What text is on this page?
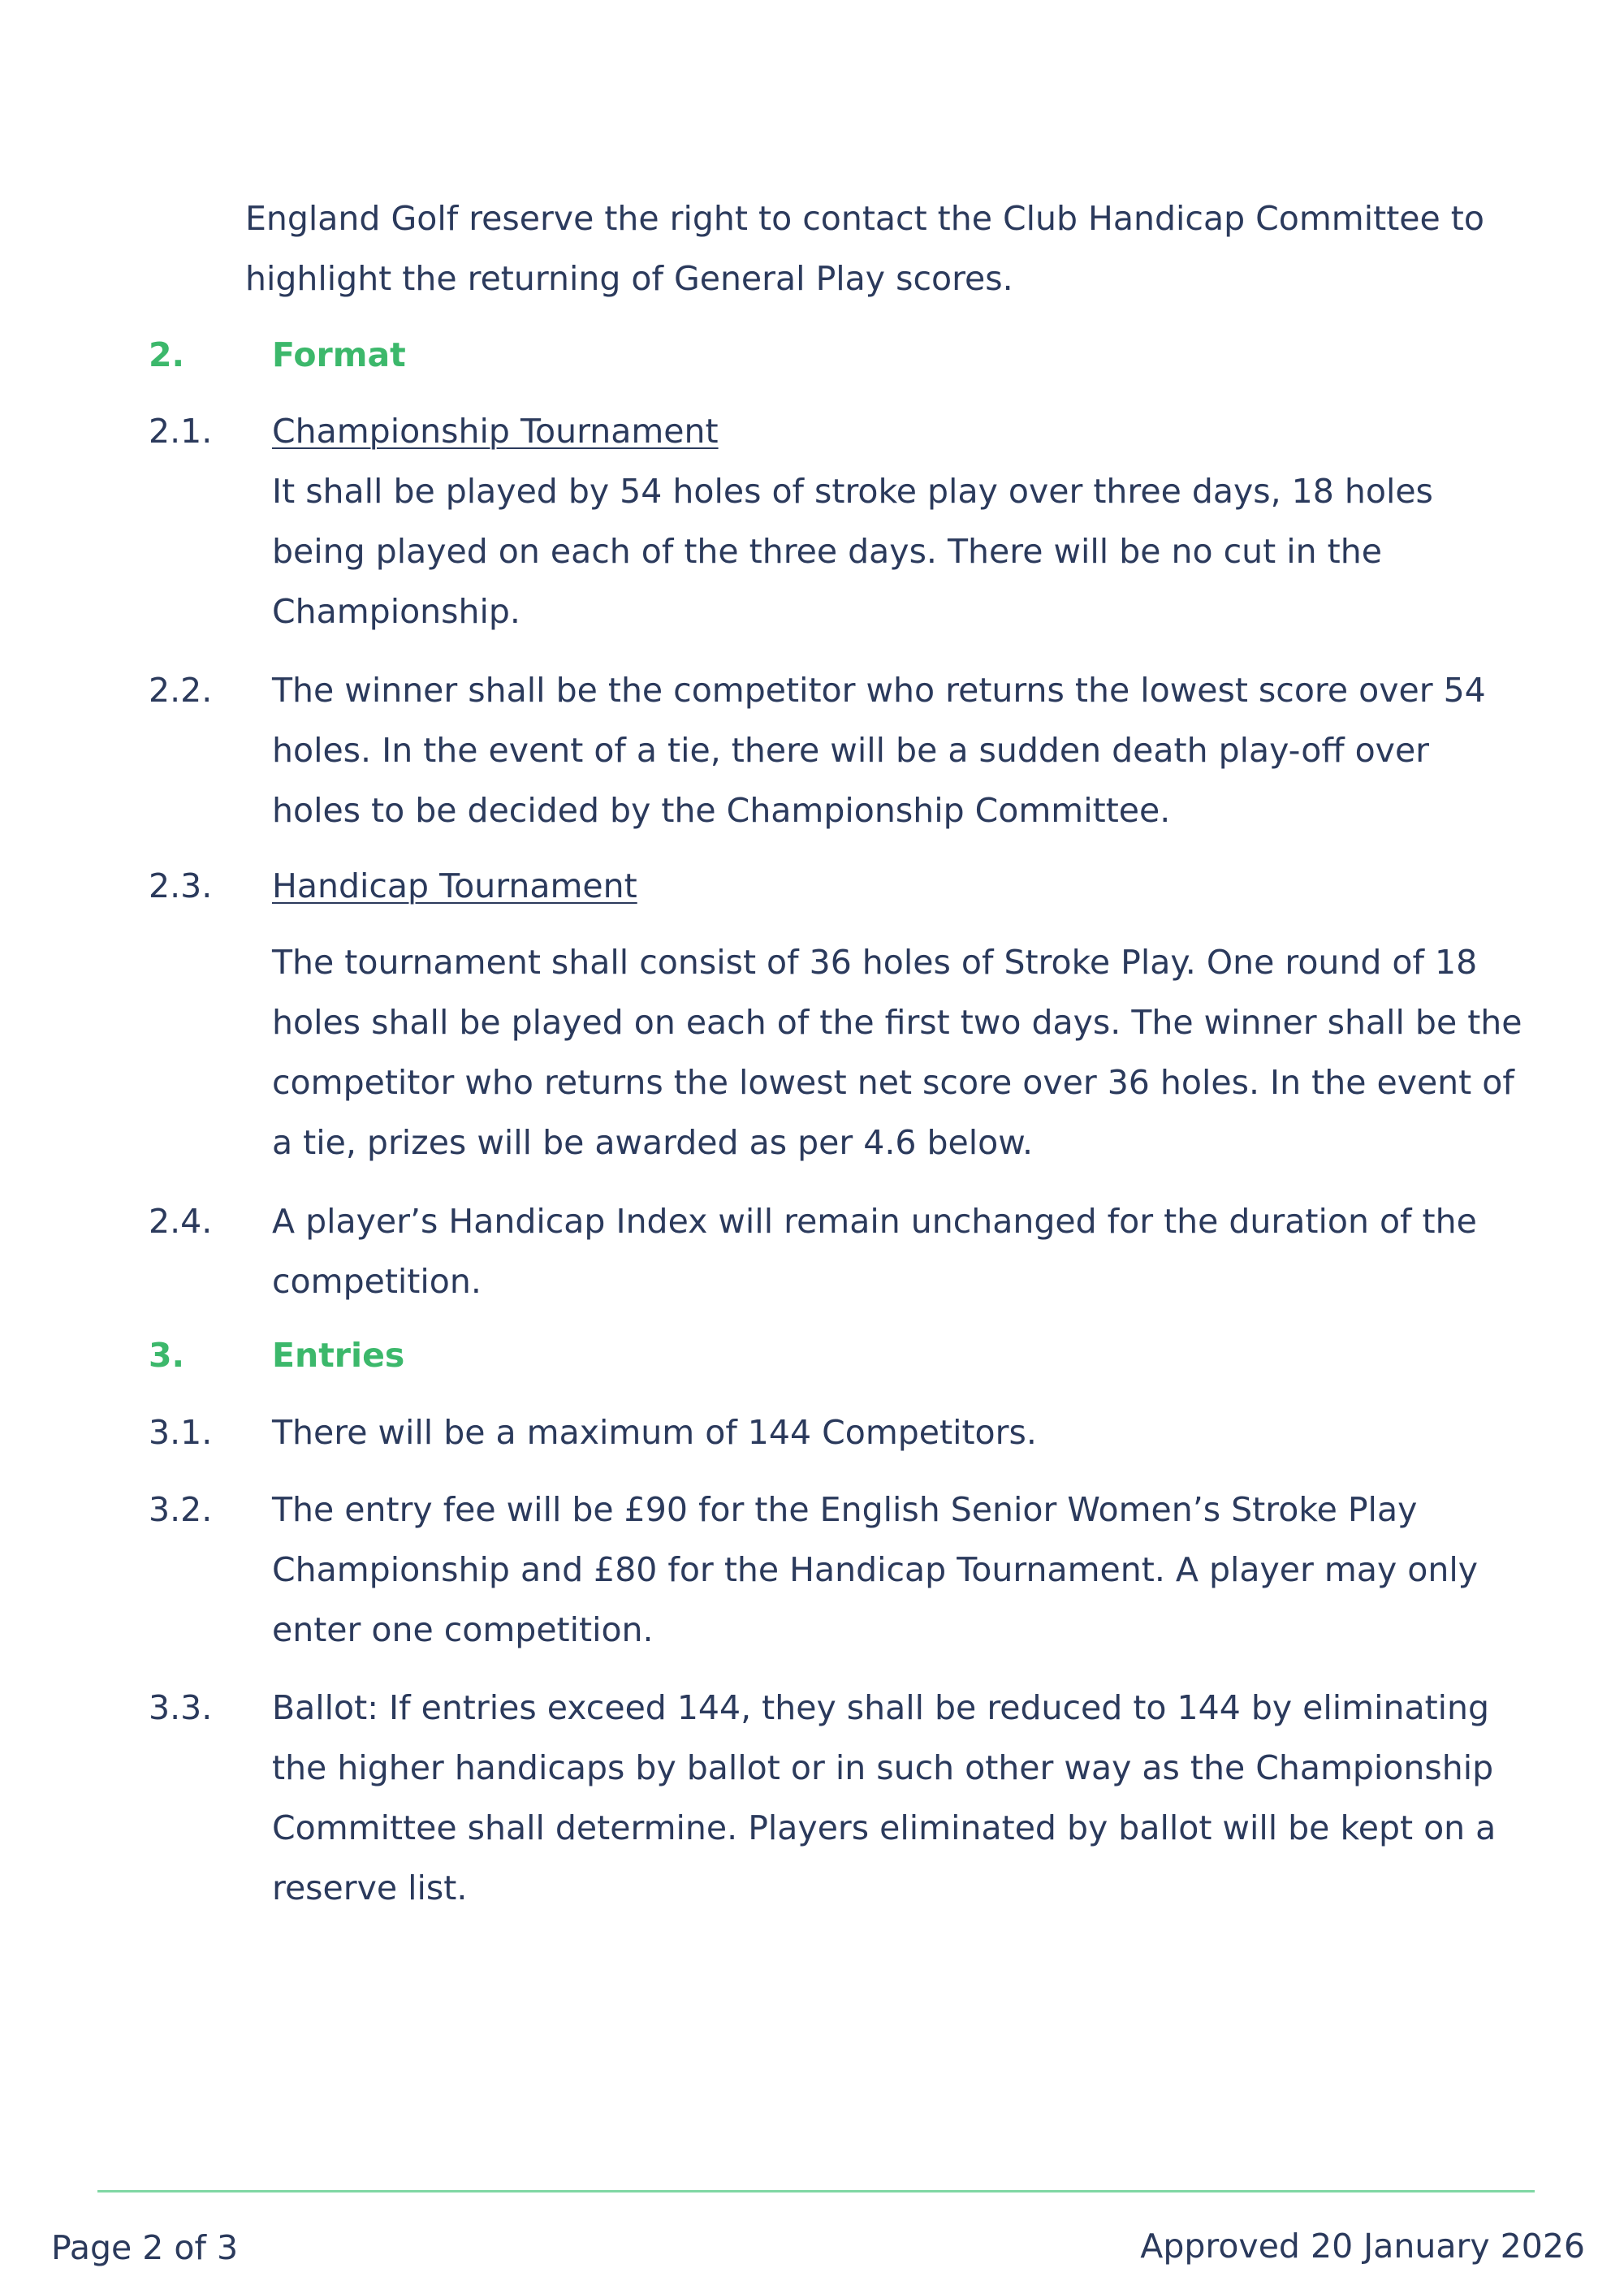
England Golf reserve the right to contact the Club Handicap Committee to highlight the returning of General Play scores.
2.	Format
2.1.	Championship Tournament
It shall be played by 54 holes of stroke play over three days, 18 holes being played on each of the three days. There will be no cut in the Championship.
2.2.	The winner shall be the competitor who returns the lowest score over 54 holes. In the event of a tie, there will be a sudden death play-off over holes to be decided by the Championship Committee.
2.3.	Handicap Tournament
The tournament shall consist of 36 holes of Stroke Play. One round of 18 holes shall be played on each of the first two days. The winner shall be the competitor who returns the lowest net score over 36 holes. In the event of a tie, prizes will be awarded as per 4.6 below.
2.4.	A player’s Handicap Index will remain unchanged for the duration of the competition.
3.	Entries
3.1.	There will be a maximum of 144 Competitors.
3.2.	The entry fee will be £90 for the English Senior Women’s Stroke Play Championship and £80 for the Handicap Tournament. A player may only enter one competition.
3.3.	Ballot: If entries exceed 144, they shall be reduced to 144 by eliminating the higher handicaps by ballot or in such other way as the Championship Committee shall determine. Players eliminated by ballot will be kept on a reserve list.
Page 2 of 3	Approved 20 January 2026
